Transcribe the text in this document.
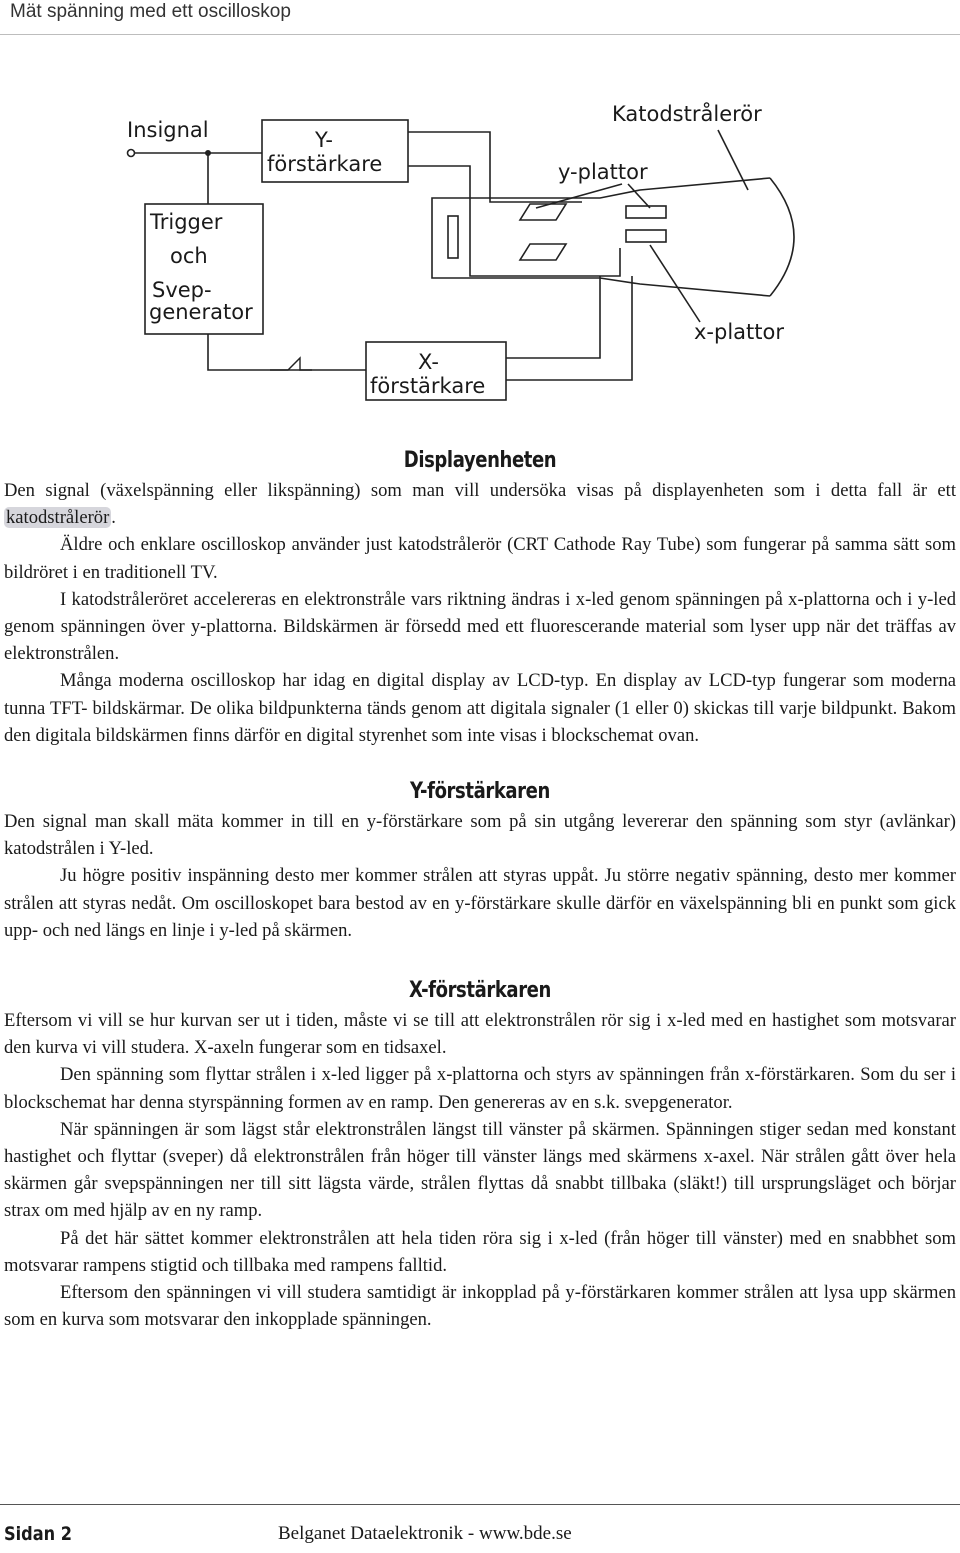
Mät spänning med ett oscilloskop
Insignal	Y-
förstärkare
Trigger
och
Svep-
generator
X-
förstärkare
Katodstrålerör
y-plattor
x-plattor
Displayenheten

Den signal (växelspänning eller likspänning) som man vill undersöka visas på displayenheten som i detta fall är ett katodstrålerör .

Äldre och enklare oscilloskop använder just katodstrålerör (CRT Cathode Ray Tube) som fungerar på samma sätt som bildröret i en traditionell TV.

I katodstråleröret accelereras en elektronstråle vars riktning ändras i x-led genom spänningen på x-plattorna och i y-led genom spänningen över y-plattorna. Bildskärmen är försedd med ett fluorescerande material som lyser upp när det träffas av elektronstrålen.

Många moderna oscilloskop har idag en digital display av LCD-typ. En display av LCD-typ fungerar som moderna tunna TFT- bildskärmar. De olika bildpunkterna tänds genom att digitala signaler (1 eller 0) skickas till varje bildpunkt. Bakom den digitala bildskärmen finns därför en digital styrenhet som inte visas i blockschemat ovan.

Y-förstärkaren

Den signal man skall mäta kommer in till en y-förstärkare som på sin utgång levererar den spänning som styr (avlänkar) katodstrålen i Y-led.

Ju högre positiv inspänning desto mer kommer strålen att styras uppåt. Ju större negativ spänning, desto mer kommer strålen att styras nedåt. Om oscilloskopet bara bestod av en y-förstärkare skulle därför en växelspänning bli en punkt som gick upp- och ned längs en linje i y-led på skärmen.

X-förstärkaren

Eftersom vi vill se hur kurvan ser ut i tiden, måste vi se till att elektronstrålen rör sig i x-led med en hastighet som motsvarar den kurva vi vill studera. X-axeln fungerar som en tidsaxel.

Den spänning som flyttar strålen i x-led ligger på x-plattorna och styrs av spänningen från x-förstärkaren. Som du ser i blockschemat har denna styrspänning formen av en ramp. Den genereras av en s.k. svepgenerator.

När spänningen är som lägst står elektronstrålen längst till vänster på skärmen. Spänningen stiger sedan med konstant hastighet och flyttar (sveper) då elektronstrålen från höger till vänster längs med skärmens x-axel. När strålen gått över hela skärmen går svepspänningen ner till sitt lägsta värde, strålen flyttas då snabbt tillbaka (släkt!) till ursprungsläget och börjar strax om med hjälp av en ny ramp.

På det här sättet kommer elektronstrålen att hela tiden röra sig i x-led (från höger till vänster) med en snabbhet som motsvarar rampens stigtid och tillbaka med rampens falltid.

Eftersom den spänningen vi vill studera samtidigt är inkopplad på y-förstärkaren kommer strålen att lysa upp skärmen som en kurva som motsvarar den inkopplade spänningen.

Sidan 2	Belganet Dataelektronik - www.bde.se
